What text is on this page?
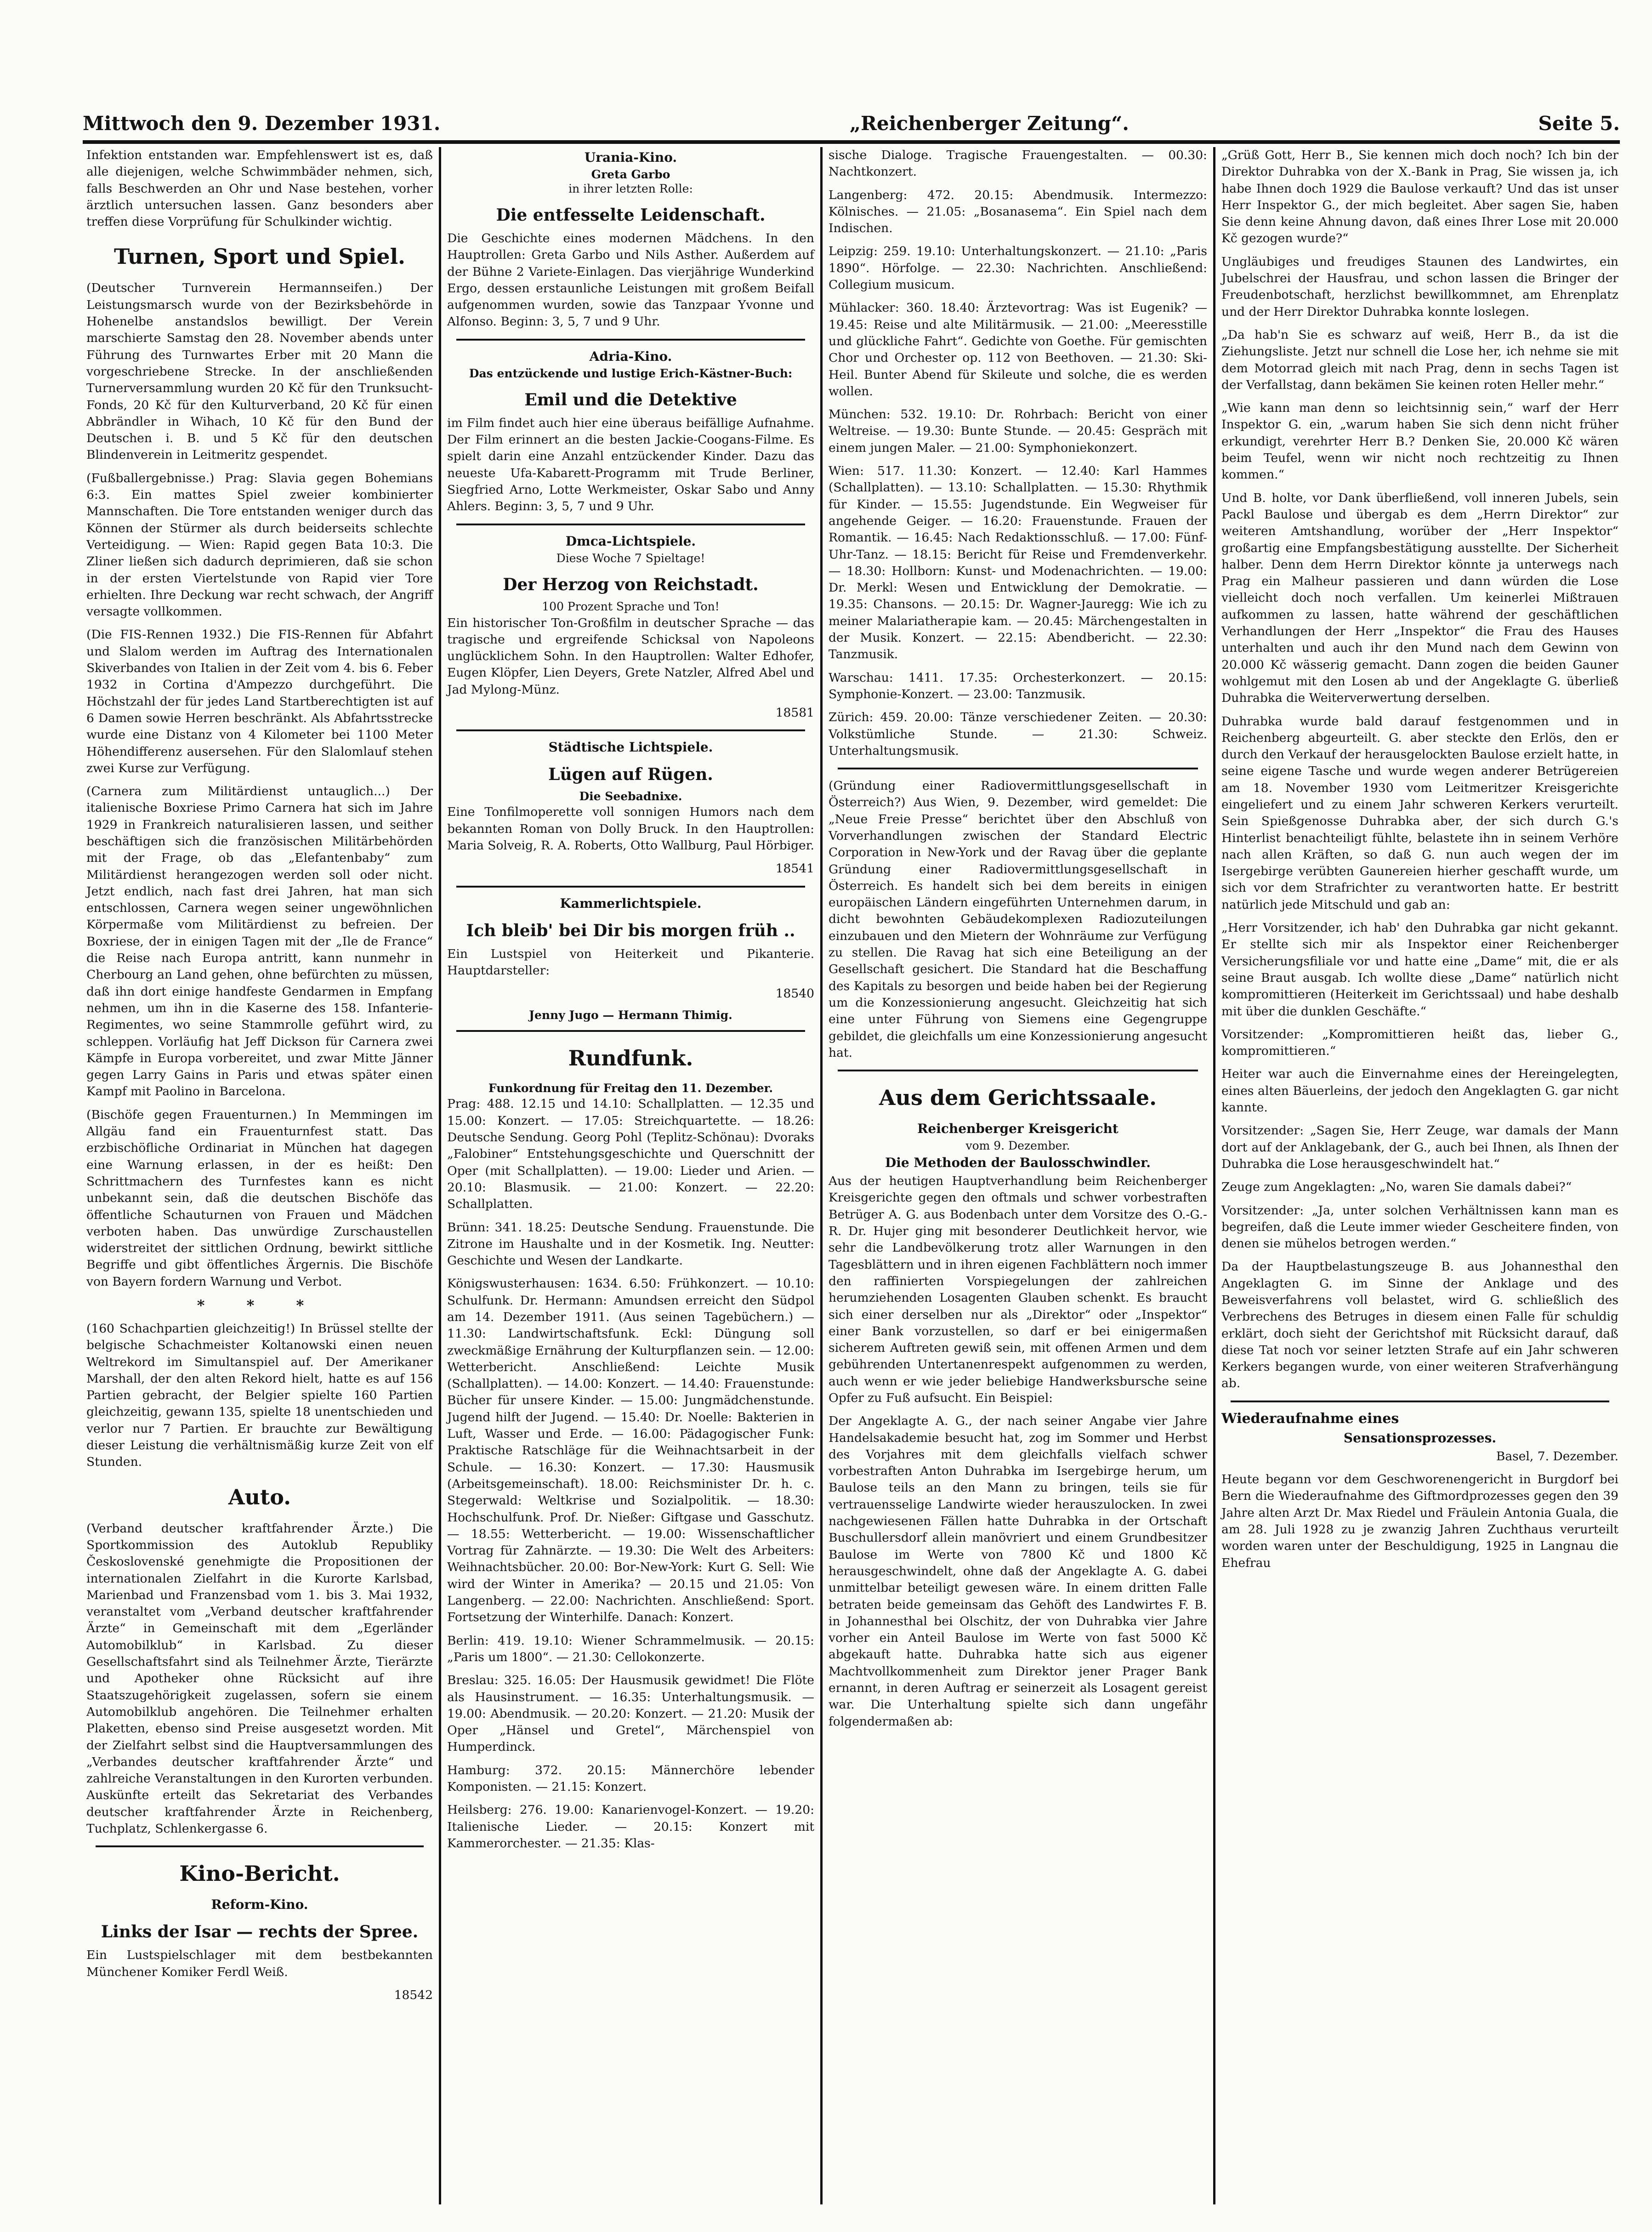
Mittwoch den 9. Dezember 1931.	„Reichenberger Zeitung“.	Seite 5.

Infektion entstanden war. Empfehlenswert ist es, daß alle diejenigen, welche Schwimmbäder nehmen, sich, falls Beschwerden an Ohr und Nase bestehen, vorher ärztlich untersuchen lassen. Ganz besonders aber treffen diese Vorprüfung für Schulkinder wichtig.

Turnen, Sport und Spiel.

(Deutscher Turnverein Hermannseifen.) Der Leistungsmarsch wurde von der Bezirksbehörde in Hohenelbe anstandslos bewilligt. Der Verein marschierte Samstag den 28. November abends unter Führung des Turnwartes Erber mit 20 Mann die vorgeschriebene Strecke. In der anschließenden Turnerversammlung wurden 20 Kč für den Trunksucht-Fonds, 20 Kč für den Kulturverband, 20 Kč für einen Abbrändler in Wihach, 10 Kč für den Bund der Deutschen i. B. und 5 Kč für den deutschen Blindenverein in Leitmeritz gespendet.

(Fußballergebnisse.) Prag: Slavia gegen Bohemians 6:3. Ein mattes Spiel zweier kombinierter Mannschaften. Die Tore entstanden weniger durch das Können der Stürmer als durch beiderseits schlechte Verteidigung. — Wien: Rapid gegen Bata 10:3. Die Zliner ließen sich dadurch deprimieren, daß sie schon in der ersten Viertelstunde von Rapid vier Tore erhielten. Ihre Deckung war recht schwach, der Angriff versagte vollkommen.

(Die FIS-Rennen 1932.) Die FIS-Rennen für Abfahrt und Slalom werden im Auftrag des Internationalen Skiverbandes von Italien in der Zeit vom 4. bis 6. Feber 1932 in Cortina d'Ampezzo durchgeführt. Die Höchstzahl der für jedes Land Startberechtigten ist auf 6 Damen sowie Herren beschränkt. Als Abfahrtsstrecke wurde eine Distanz von 4 Kilometer bei 1100 Meter Höhendifferenz ausersehen. Für den Slalomlauf stehen zwei Kurse zur Verfügung.

(Carnera zum Militärdienst untauglich...) Der italienische Boxriese Primo Carnera hat sich im Jahre 1929 in Frankreich naturalisieren lassen, und seither beschäftigen sich die französischen Militärbehörden mit der Frage, ob das „Elefantenbaby“ zum Militärdienst herangezogen werden soll oder nicht. Jetzt endlich, nach fast drei Jahren, hat man sich entschlossen, Carnera wegen seiner ungewöhnlichen Körpermaße vom Militärdienst zu befreien. Der Boxriese, der in einigen Tagen mit der „Ile de France“ die Reise nach Europa antritt, kann nunmehr in Cherbourg an Land gehen, ohne befürchten zu müssen, daß ihn dort einige handfeste Gendarmen in Empfang nehmen, um ihn in die Kaserne des 158. Infanterie-Regimentes, wo seine Stammrolle geführt wird, zu schleppen. Vorläufig hat Jeff Dickson für Carnera zwei Kämpfe in Europa vorbereitet, und zwar Mitte Jänner gegen Larry Gains in Paris und etwas später einen Kampf mit Paolino in Barcelona.

(Bischöfe gegen Frauenturnen.) In Memmingen im Allgäu fand ein Frauenturnfest statt. Das erzbischöfliche Ordinariat in München hat dagegen eine Warnung erlassen, in der es heißt: Den Schrittmachern des Turnfestes kann es nicht unbekannt sein, daß die deutschen Bischöfe das öffentliche Schauturnen von Frauen und Mädchen verboten haben. Das unwürdige Zurschaustellen widerstreitet der sittlichen Ordnung, bewirkt sittliche Begriffe und gibt öffentliches Ärgernis. Die Bischöfe von Bayern fordern Warnung und Verbot.

* * *

(160 Schachpartien gleichzeitig!) In Brüssel stellte der belgische Schachmeister Koltanowski einen neuen Weltrekord im Simultanspiel auf. Der Amerikaner Marshall, der den alten Rekord hielt, hatte es auf 156 Partien gebracht, der Belgier spielte 160 Partien gleichzeitig, gewann 135, spielte 18 unentschieden und verlor nur 7 Partien. Er brauchte zur Bewältigung dieser Leistung die verhältnismäßig kurze Zeit von elf Stunden.

Auto.

(Verband deutscher kraftfahrender Ärzte.) Die Sportkommission des Autoklub Republiky Československé genehmigte die Propositionen der internationalen Zielfahrt in die Kurorte Karlsbad, Marienbad und Franzensbad vom 1. bis 3. Mai 1932, veranstaltet vom „Verband deutscher kraftfahrender Ärzte“ in Gemeinschaft mit dem „Egerländer Automobilklub“ in Karlsbad. Zu dieser Gesellschaftsfahrt sind als Teilnehmer Ärzte, Tierärzte und Apotheker ohne Rücksicht auf ihre Staatszugehörigkeit zugelassen, sofern sie einem Automobilklub angehören. Die Teilnehmer erhalten Plaketten, ebenso sind Preise ausgesetzt worden. Mit der Zielfahrt selbst sind die Hauptversammlungen des „Verbandes deutscher kraftfahrender Ärzte“ und zahlreiche Veranstaltungen in den Kurorten verbunden. Auskünfte erteilt das Sekretariat des Verbandes deutscher kraftfahrender Ärzte in Reichenberg, Tuchplatz, Schlenkergasse 6.

Kino-Bericht.
Reform-Kino.
Links der Isar — rechts der Spree.

Ein Lustspielschlager mit dem bestbekannten Münchener Komiker Ferdl Weiß.

18542

Urania-Kino.
Greta Garbo
in ihrer letzten Rolle:
Die entfesselte Leidenschaft.

Die Geschichte eines modernen Mädchens. In den Hauptrollen: Greta Garbo und Nils Asther. Außerdem auf der Bühne 2 Variete-Einlagen. Das vierjährige Wunderkind Ergo, dessen erstaunliche Leistungen mit großem Beifall aufgenommen wurden, sowie das Tanzpaar Yvonne und Alfonso. Beginn: 3, 5, 7 und 9 Uhr.

Adria-Kino.
Das entzückende und lustige Erich-Kästner-Buch:
Emil und die Detektive

im Film findet auch hier eine überaus beifällige Aufnahme. Der Film erinnert an die besten Jackie-Coogans-Filme. Es spielt darin eine Anzahl entzückender Kinder. Dazu das neueste Ufa-Kabarett-Programm mit Trude Berliner, Siegfried Arno, Lotte Werkmeister, Oskar Sabo und Anny Ahlers. Beginn: 3, 5, 7 und 9 Uhr.

Dmca-Lichtspiele.
Diese Woche 7 Spieltage!
Der Herzog von Reichstadt.
100 Prozent Sprache und Ton!

Ein historischer Ton-Großfilm in deutscher Sprache — das tragische und ergreifende Schicksal von Napoleons unglücklichem Sohn. In den Hauptrollen: Walter Edhofer, Eugen Klöpfer, Lien Deyers, Grete Natzler, Alfred Abel und Jad Mylong-Münz.

18581

Städtische Lichtspiele.
Lügen auf Rügen.
Die Seebadnixe.

Eine Tonfilmoperette voll sonnigen Humors nach dem bekannten Roman von Dolly Bruck. In den Hauptrollen: Maria Solveig, R. A. Roberts, Otto Wallburg, Paul Hörbiger.

18541

Kammerlichtspiele.
Ich bleib' bei Dir bis morgen früh ..

Ein Lustspiel von Heiterkeit und Pikanterie. Hauptdarsteller:

18540

Jenny Jugo — Hermann Thimig.
Rundfunk.
Funkordnung für Freitag den 11. Dezember.

Prag: 488. 12.15 und 14.10: Schallplatten. — 12.35 und 15.00: Konzert. — 17.05: Streichquartette. — 18.26: Deutsche Sendung. Georg Pohl (Teplitz-Schönau): Dvoraks „Falobiner“ Entstehungsgeschichte und Querschnitt der Oper (mit Schallplatten). — 19.00: Lieder und Arien. — 20.10: Blasmusik. — 21.00: Konzert. — 22.20: Schallplatten.

Brünn: 341. 18.25: Deutsche Sendung. Frauenstunde. Die Zitrone im Haushalte und in der Kosmetik. Ing. Neutter: Geschichte und Wesen der Landkarte.

Königswusterhausen: 1634. 6.50: Frühkonzert. — 10.10: Schulfunk. Dr. Hermann: Amundsen erreicht den Südpol am 14. Dezember 1911. (Aus seinen Tagebüchern.) — 11.30: Landwirtschaftsfunk. Eckl: Düngung soll zweckmäßige Ernährung der Kulturpflanzen sein. — 12.00: Wetterbericht. Anschließend: Leichte Musik (Schallplatten). — 14.00: Konzert. — 14.40: Frauenstunde: Bücher für unsere Kinder. — 15.00: Jungmädchenstunde. Jugend hilft der Jugend. — 15.40: Dr. Noelle: Bakterien in Luft, Wasser und Erde. — 16.00: Pädagogischer Funk: Praktische Ratschläge für die Weihnachtsarbeit in der Schule. — 16.30: Konzert. — 17.30: Hausmusik (Arbeitsgemeinschaft). 18.00: Reichsminister Dr. h. c. Stegerwald: Weltkrise und Sozialpolitik. — 18.30: Hochschulfunk. Prof. Dr. Nießer: Giftgase und Gasschutz. — 18.55: Wetterbericht. — 19.00: Wissenschaftlicher Vortrag für Zahnärzte. — 19.30: Die Welt des Arbeiters: Weihnachtsbücher. 20.00: Bor-New-York: Kurt G. Sell: Wie wird der Winter in Amerika? — 20.15 und 21.05: Von Langenberg. — 22.00: Nachrichten. Anschließend: Sport. Fortsetzung der Winterhilfe. Danach: Konzert.

Berlin: 419. 19.10: Wiener Schrammelmusik. — 20.15: „Paris um 1800“. — 21.30: Cellokonzerte.

Breslau: 325. 16.05: Der Hausmusik gewidmet! Die Flöte als Hausinstrument. — 16.35: Unterhaltungsmusik. — 19.00: Abendmusik. — 20.20: Konzert. — 21.20: Musik der Oper „Hänsel und Gretel“, Märchenspiel von Humperdinck.

Hamburg: 372. 20.15: Männerchöre lebender Komponisten. — 21.15: Konzert.

Heilsberg: 276. 19.00: Kanarienvogel-Konzert. — 19.20: Italienische Lieder. — 20.15: Konzert mit Kammerorchester. — 21.35: Klas-

sische Dialoge. Tragische Frauengestalten. — 00.30: Nachtkonzert.

Langenberg: 472. 20.15: Abendmusik. Intermezzo: Kölnisches. — 21.05: „Bosanasema“. Ein Spiel nach dem Indischen.

Leipzig: 259. 19.10: Unterhaltungskonzert. — 21.10: „Paris 1890“. Hörfolge. — 22.30: Nachrichten. Anschließend: Collegium musicum.

Mühlacker: 360. 18.40: Ärztevortrag: Was ist Eugenik? — 19.45: Reise und alte Militärmusik. — 21.00: „Meeresstille und glückliche Fahrt“. Gedichte von Goethe. Für gemischten Chor und Orchester op. 112 von Beethoven. — 21.30: Ski-Heil. Bunter Abend für Skileute und solche, die es werden wollen.

München: 532. 19.10: Dr. Rohrbach: Bericht von einer Weltreise. — 19.30: Bunte Stunde. — 20.45: Gespräch mit einem jungen Maler. — 21.00: Symphoniekonzert.

Wien: 517. 11.30: Konzert. — 12.40: Karl Hammes (Schallplatten). — 13.10: Schallplatten. — 15.30: Rhythmik für Kinder. — 15.55: Jugendstunde. Ein Wegweiser für angehende Geiger. — 16.20: Frauenstunde. Frauen der Romantik. — 16.45: Nach Redaktionsschluß. — 17.00: Fünf-Uhr-Tanz. — 18.15: Bericht für Reise und Fremdenverkehr. — 18.30: Hollborn: Kunst- und Modenachrichten. — 19.00: Dr. Merkl: Wesen und Entwicklung der Demokratie. — 19.35: Chansons. — 20.15: Dr. Wagner-Jauregg: Wie ich zu meiner Malariatherapie kam. — 20.45: Märchengestalten in der Musik. Konzert. — 22.15: Abendbericht. — 22.30: Tanzmusik.

Warschau: 1411. 17.35: Orchesterkonzert. — 20.15: Symphonie-Konzert. — 23.00: Tanzmusik.

Zürich: 459. 20.00: Tänze verschiedener Zeiten. — 20.30: Volkstümliche Stunde. — 21.30: Schweiz. Unterhaltungsmusik.

(Gründung einer Radiovermittlungsgesellschaft in Österreich?) Aus Wien, 9. Dezember, wird gemeldet: Die „Neue Freie Presse“ berichtet über den Abschluß von Vorverhandlungen zwischen der Standard Electric Corporation in New-York und der Ravag über die geplante Gründung einer Radiovermittlungsgesellschaft in Österreich. Es handelt sich bei dem bereits in einigen europäischen Ländern eingeführten Unternehmen darum, in dicht bewohnten Gebäudekomplexen Radiozuteilungen einzubauen und den Mietern der Wohnräume zur Verfügung zu stellen. Die Ravag hat sich eine Beteiligung an der Gesellschaft gesichert. Die Standard hat die Beschaffung des Kapitals zu besorgen und beide haben bei der Regierung um die Konzessionierung angesucht. Gleichzeitig hat sich eine unter Führung von Siemens eine Gegengruppe gebildet, die gleichfalls um eine Konzessionierung angesucht hat.

Aus dem Gerichtssaale.
Reichenberger Kreisgericht
vom 9. Dezember.
Die Methoden der Baulosschwindler.

Aus der heutigen Hauptverhandlung beim Reichenberger Kreisgerichte gegen den oftmals und schwer vorbestraften Betrüger A. G. aus Bodenbach unter dem Vorsitze des O.-G.-R. Dr. Hujer ging mit besonderer Deutlichkeit hervor, wie sehr die Landbevölkerung trotz aller Warnungen in den Tagesblättern und in ihren eigenen Fachblättern noch immer den raffinierten Vorspiegelungen der zahlreichen herumziehenden Losagenten Glauben schenkt. Es braucht sich einer derselben nur als „Direktor“ oder „Inspektor“ einer Bank vorzustellen, so darf er bei einigermaßen sicherem Auftreten gewiß sein, mit offenen Armen und dem gebührenden Untertanenrespekt aufgenommen zu werden, auch wenn er wie jeder beliebige Handwerksbursche seine Opfer zu Fuß aufsucht. Ein Beispiel:

Der Angeklagte A. G., der nach seiner Angabe vier Jahre Handelsakademie besucht hat, zog im Sommer und Herbst des Vorjahres mit dem gleichfalls vielfach schwer vorbestraften Anton Duhrabka im Isergebirge herum, um Baulose teils an den Mann zu bringen, teils sie für vertrauensselige Landwirte wieder herauszulocken. In zwei nachgewiesenen Fällen hatte Duhrabka in der Ortschaft Buschullersdorf allein manövriert und einem Grundbesitzer Baulose im Werte von 7800 Kč und 1800 Kč herausgeschwindelt, ohne daß der Angeklagte A. G. dabei unmittelbar beteiligt gewesen wäre. In einem dritten Falle betraten beide gemeinsam das Gehöft des Landwirtes F. B. in Johannesthal bei Olschitz, der von Duhrabka vier Jahre vorher ein Anteil Baulose im Werte von fast 5000 Kč abgekauft hatte. Duhrabka hatte sich aus eigener Machtvollkommenheit zum Direktor jener Prager Bank ernannt, in deren Auftrag er seinerzeit als Losagent gereist war. Die Unterhaltung spielte sich dann ungefähr folgendermaßen ab:

„Grüß Gott, Herr B., Sie kennen mich doch noch? Ich bin der Direktor Duhrabka von der X.-Bank in Prag, Sie wissen ja, ich habe Ihnen doch 1929 die Baulose verkauft? Und das ist unser Herr Inspektor G., der mich begleitet. Aber sagen Sie, haben Sie denn keine Ahnung davon, daß eines Ihrer Lose mit 20.000 Kč gezogen wurde?“

Ungläubiges und freudiges Staunen des Landwirtes, ein Jubelschrei der Hausfrau, und schon lassen die Bringer der Freudenbotschaft, herzlichst bewillkommnet, am Ehrenplatz und der Herr Direktor Duhrabka konnte loslegen.

„Da hab'n Sie es schwarz auf weiß, Herr B., da ist die Ziehungsliste. Jetzt nur schnell die Lose her, ich nehme sie mit dem Motorrad gleich mit nach Prag, denn in sechs Tagen ist der Verfallstag, dann bekämen Sie keinen roten Heller mehr.“

„Wie kann man denn so leichtsinnig sein,“ warf der Herr Inspektor G. ein, „warum haben Sie sich denn nicht früher erkundigt, verehrter Herr B.? Denken Sie, 20.000 Kč wären beim Teufel, wenn wir nicht noch rechtzeitig zu Ihnen kommen.“

Und B. holte, vor Dank überfließend, voll inneren Jubels, sein Packl Baulose und übergab es dem „Herrn Direktor“ zur weiteren Amtshandlung, worüber der „Herr Inspektor“ großartig eine Empfangsbestätigung ausstellte. Der Sicherheit halber. Denn dem Herrn Direktor könnte ja unterwegs nach Prag ein Malheur passieren und dann würden die Lose vielleicht doch noch verfallen. Um keinerlei Mißtrauen aufkommen zu lassen, hatte während der geschäftlichen Verhandlungen der Herr „Inspektor“ die Frau des Hauses unterhalten und auch ihr den Mund nach dem Gewinn von 20.000 Kč wässerig gemacht. Dann zogen die beiden Gauner wohlgemut mit den Losen ab und der Angeklagte G. überließ Duhrabka die Weiterverwertung derselben.

Duhrabka wurde bald darauf festgenommen und in Reichenberg abgeurteilt. G. aber steckte den Erlös, den er durch den Verkauf der herausgelockten Baulose erzielt hatte, in seine eigene Tasche und wurde wegen anderer Betrügereien am 18. November 1930 vom Leitmeritzer Kreisgerichte eingeliefert und zu einem Jahr schweren Kerkers verurteilt. Sein Spießgenosse Duhrabka aber, der sich durch G.'s Hinterlist benachteiligt fühlte, belastete ihn in seinem Verhöre nach allen Kräften, so daß G. nun auch wegen der im Isergebirge verübten Gaunereien hierher geschafft wurde, um sich vor dem Strafrichter zu verantworten hatte. Er bestritt natürlich jede Mitschuld und gab an:

„Herr Vorsitzender, ich hab' den Duhrabka gar nicht gekannt. Er stellte sich mir als Inspektor einer Reichenberger Versicherungsfiliale vor und hatte eine „Dame“ mit, die er als seine Braut ausgab. Ich wollte diese „Dame“ natürlich nicht kompromittieren (Heiterkeit im Gerichtssaal) und habe deshalb mit über die dunklen Geschäfte.“

Vorsitzender: „Kompromittieren heißt das, lieber G., kompromittieren.“

Heiter war auch die Einvernahme eines der Hereingelegten, eines alten Bäuerleins, der jedoch den Angeklagten G. gar nicht kannte.

Vorsitzender: „Sagen Sie, Herr Zeuge, war damals der Mann dort auf der Anklagebank, der G., auch bei Ihnen, als Ihnen der Duhrabka die Lose herausgeschwindelt hat.“

Zeuge zum Angeklagten: „No, waren Sie damals dabei?“

Vorsitzender: „Ja, unter solchen Verhältnissen kann man es begreifen, daß die Leute immer wieder Gescheitere finden, von denen sie mühelos betrogen werden.“

Da der Hauptbelastungszeuge B. aus Johannesthal den Angeklagten G. im Sinne der Anklage und des Beweisverfahrens voll belastet, wird G. schließlich des Verbrechens des Betruges in diesem einen Falle für schuldig erklärt, doch sieht der Gerichtshof mit Rücksicht darauf, daß diese Tat noch vor seiner letzten Strafe auf ein Jahr schweren Kerkers begangen wurde, von einer weiteren Strafverhängung ab.

Wiederaufnahme eines
Sensationsprozesses.

Basel, 7. Dezember.

Heute begann vor dem Geschworenengericht in Burgdorf bei Bern die Wiederaufnahme des Giftmordprozesses gegen den 39 Jahre alten Arzt Dr. Max Riedel und Fräulein Antonia Guala, die am 28. Juli 1928 zu je zwanzig Jahren Zuchthaus verurteilt worden waren unter der Beschuldigung, 1925 in Langnau die Ehefrau
